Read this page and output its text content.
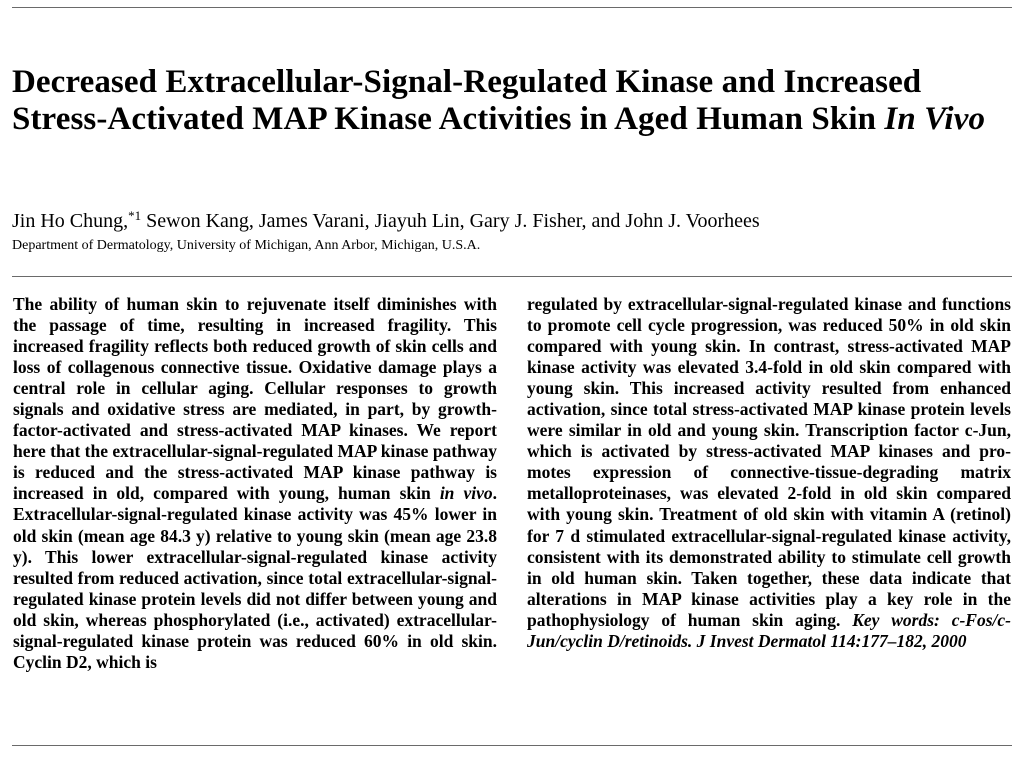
Decreased Extracellular-Signal-Regulated Kinase and Increased Stress-Activated MAP Kinase Activities in Aged Human Skin In Vivo

Jin Ho Chung,$^{*1}$ Sewon Kang, James Varani, Jiayuh Lin, Gary J. Fisher, and John J. Voorhees

Department of Dermatology, University of Michigan, Ann Arbor, Michigan, U.S.A.

The ability of human skin to rejuvenate itself diminishes with the passage of time, resulting in increased fragility. This increased fragility reflects both reduced growth of skin cells and loss of collagenous connective tissue. Oxidative damage plays a central role in cellular aging. Cellular responses to growth signals and oxidative stress are mediated, in part, by growth-factor-activated and stress-activated MAP kinases. We report here that the extracellular-signal-regulated MAP kinase pathway is reduced and the stress-activated MAP kinase pathway is increased in old, compared with young, human skin in vivo. Extracellular-signal-regulated kinase activity was 45% lower in old skin (mean age 84.3 y) relative to young skin (mean age 23.8 y). This lower extracellular-signal-regulated kinase activity resulted from reduced activation, since total extracellular-signal-regulated kinase protein levels did not differ between young and old skin, whereas phosphorylated (i.e., activated) extracellular-signal-regulated kinase protein was reduced 60% in old skin. Cyclin D2, which is

regulated by extracellular-signal-regulated kinase and functions to promote cell cycle progression, was reduced 50% in old skin compared with young skin. In contrast, stress-activated MAP kinase activity was elevated 3.4-fold in old skin compared with young skin. This increased activity resulted from enhanced activation, since total stress-activated MAP kinase protein levels were similar in old and young skin. Transcription factor c-Jun, which is activated by stress-activated MAP kinases and promotes expression of connective-tissue-degrading matrix metalloproteinases, was elevated 2-fold in old skin compared with young skin. Treatment of old skin with vitamin A (retinol) for 7 d stimulated extracellular-signal-regulated kinase activity, consistent with its demonstrated ability to stimulate cell growth in old human skin. Taken together, these data indicate that alterations in MAP kinase activities play a key role in the pathophysiology of human skin aging. Key words: c-Fos/c-Jun/cyclin D/retinoids. J Invest Dermatol 114:177–182, 2000
